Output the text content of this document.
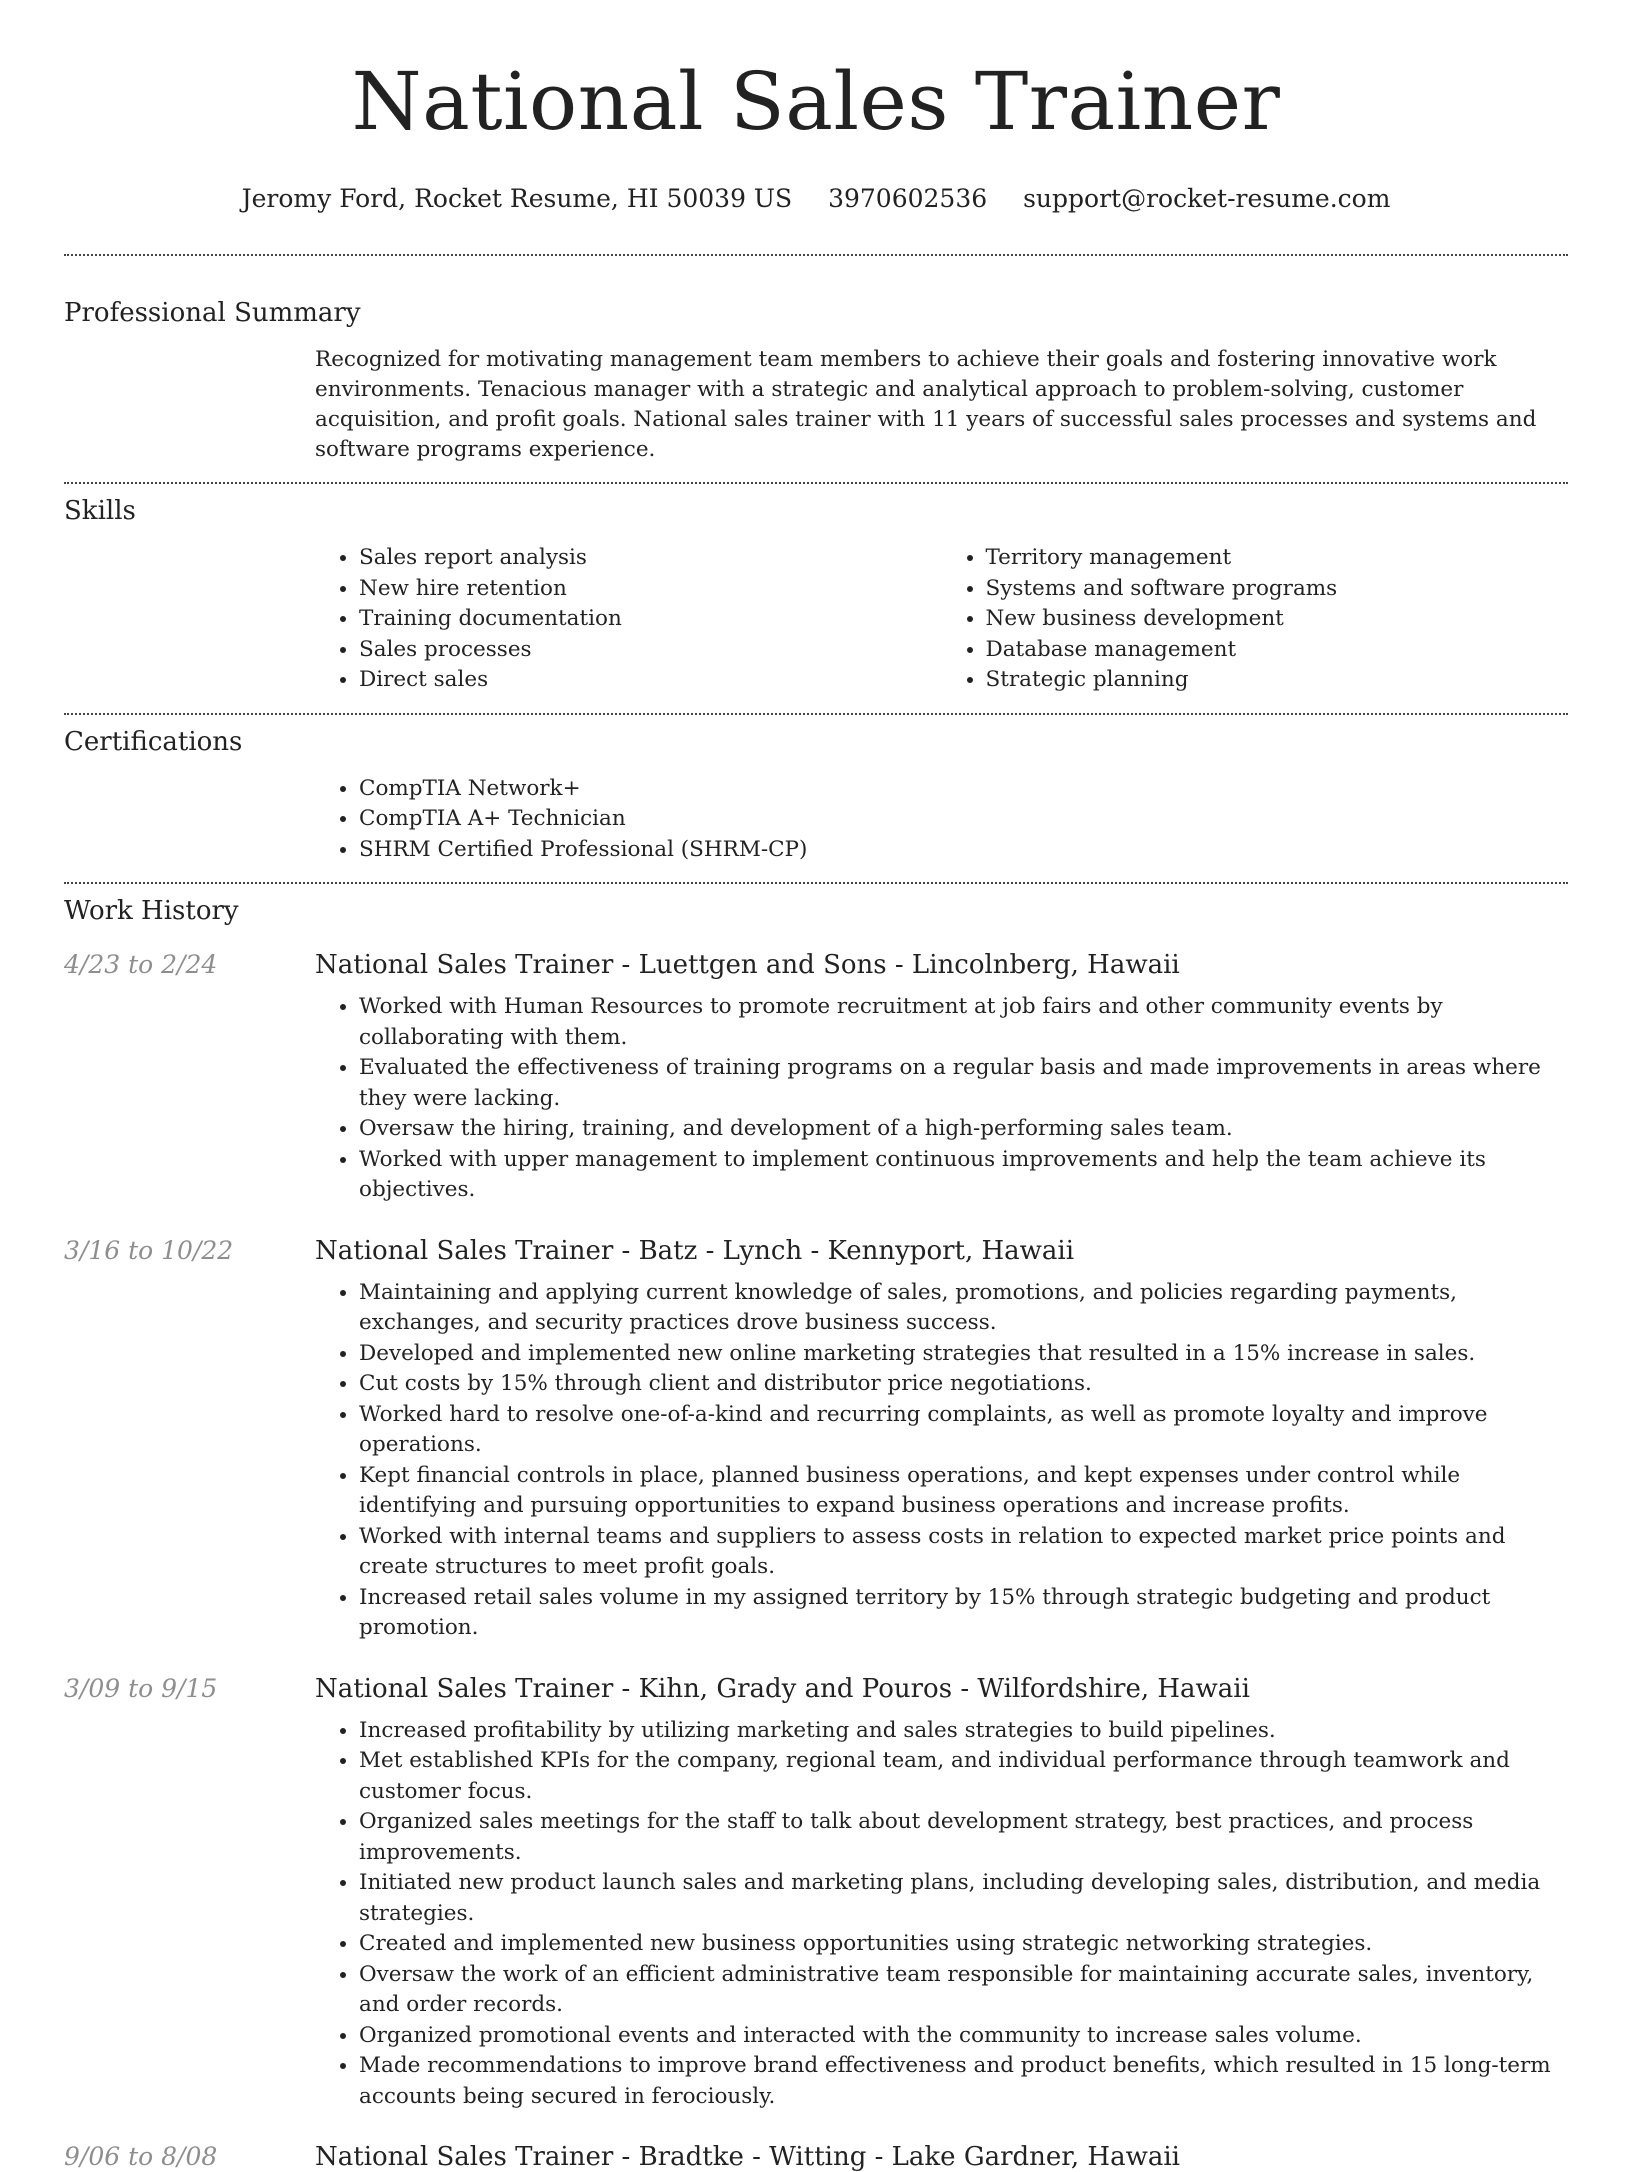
National Sales Trainer
Jeromy Ford, Rocket Resume, HI 50039 US 3970602536 support@rocket-resume.com
Professional Summary

Recognized for motivating management team members to achieve their goals and fostering innovative work environments. Tenacious manager with a strategic and analytical approach to problem-solving, customer acquisition, and profit goals. National sales trainer with 11 years of successful sales processes and systems and software programs experience.

Skills
• Sales report analysis
• New hire retention
• Training documentation
• Sales processes
• Direct sales
• Territory management
• Systems and software programs
• New business development
• Database management
• Strategic planning
Certifications
• CompTIA Network+
• CompTIA A+ Technician
• SHRM Certified Professional (SHRM-CP)
Work History
4/23 to 2/24	National Sales Trainer - Luettgen and Sons - Lincolnberg, Hawaii
• Worked with Human Resources to promote recruitment at job fairs and other community events by collaborating with them.
• Evaluated the effectiveness of training programs on a regular basis and made improvements in areas where they were lacking.
• Oversaw the hiring, training, and development of a high-performing sales team.
• Worked with upper management to implement continuous improvements and help the team achieve its objectives.
3/16 to 10/22	National Sales Trainer - Batz - Lynch - Kennyport, Hawaii
• Maintaining and applying current knowledge of sales, promotions, and policies regarding payments, exchanges, and security practices drove business success.
• Developed and implemented new online marketing strategies that resulted in a 15% increase in sales.
• Cut costs by 15% through client and distributor price negotiations.
• Worked hard to resolve one-of-a-kind and recurring complaints, as well as promote loyalty and improve operations.
• Kept financial controls in place, planned business operations, and kept expenses under control while identifying and pursuing opportunities to expand business operations and increase profits.
• Worked with internal teams and suppliers to assess costs in relation to expected market price points and create structures to meet profit goals.
• Increased retail sales volume in my assigned territory by 15% through strategic budgeting and product promotion.
3/09 to 9/15	National Sales Trainer - Kihn, Grady and Pouros - Wilfordshire, Hawaii
• Increased profitability by utilizing marketing and sales strategies to build pipelines.
• Met established KPIs for the company, regional team, and individual performance through teamwork and customer focus.
• Organized sales meetings for the staff to talk about development strategy, best practices, and process improvements.
• Initiated new product launch sales and marketing plans, including developing sales, distribution, and media strategies.
• Created and implemented new business opportunities using strategic networking strategies.
• Oversaw the work of an efficient administrative team responsible for maintaining accurate sales, inventory, and order records.
• Organized promotional events and interacted with the community to increase sales volume.
• Made recommendations to improve brand effectiveness and product benefits, which resulted in 15 long-term accounts being secured in ferociously.
9/06 to 8/08	National Sales Trainer - Bradtke - Witting - Lake Gardner, Hawaii
